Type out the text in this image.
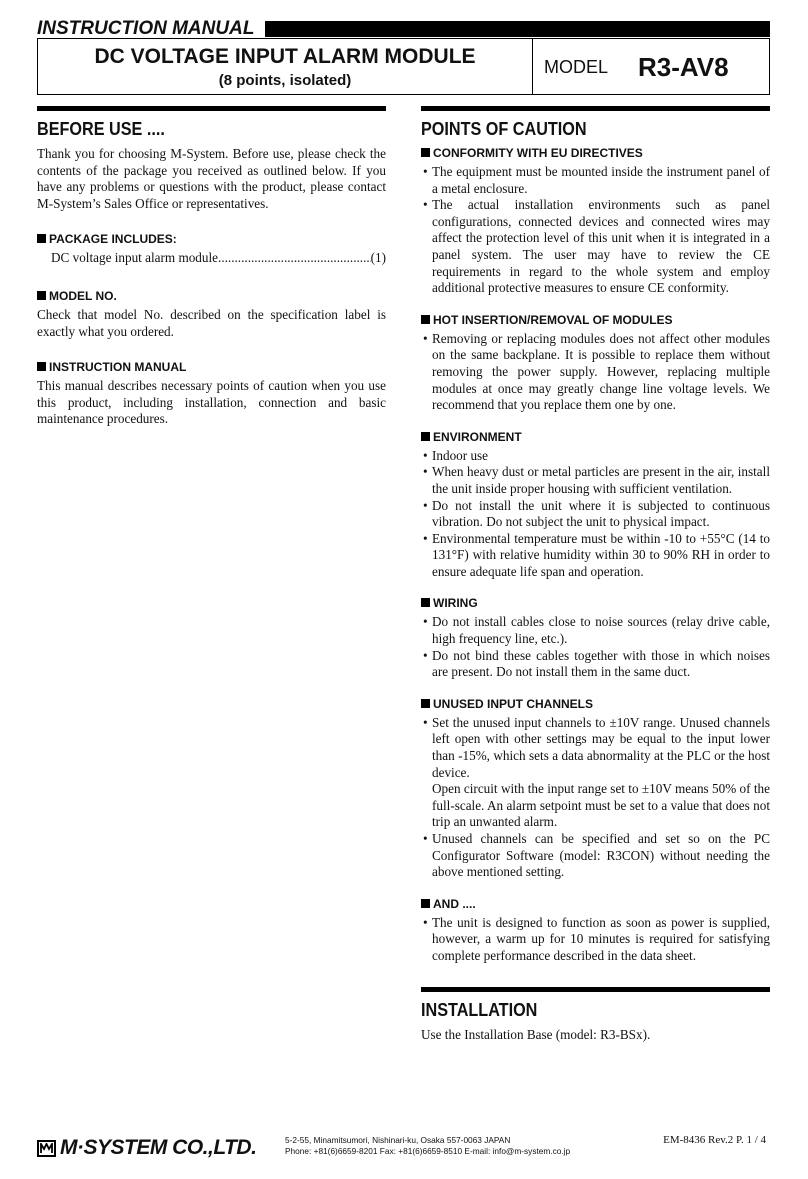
INSTRUCTION MANUAL
DC VOLTAGE INPUT ALARM MODULE
(8 points, isolated)
MODEL R3-AV8
BEFORE USE ....

Thank you for choosing M-System. Before use, please check the contents of the package you received as outlined below. If you have any problems or questions with the product, please contact M-System’s Sales Office or representatives.

PACKAGE INCLUDES:
DC voltage input alarm module
.....	(1)
MODEL NO.

Check that model No. described on the specification label is exactly what you ordered.

INSTRUCTION MANUAL

This manual describes necessary points of caution when you use this product, including installation, connection and basic maintenance procedures.

POINTS OF CAUTION
CONFORMITY WITH EU DIRECTIVES
• The equipment must be mounted inside the instrument panel of a metal enclosure.
• The actual installation environments such as panel configurations, connected devices and connected wires may affect the protection level of this unit when it is integrated in a panel system. The user may have to review the CE requirements in regard to the whole system and employ additional protective measures to ensure CE conformity.
HOT INSERTION/REMOVAL OF MODULES
• Removing or replacing modules does not affect other modules on the same backplane. It is possible to replace them without removing the power supply. However, replacing multiple modules at once may greatly change line voltage levels. We recommend that you replace them one by one.
ENVIRONMENT
• Indoor use
• When heavy dust or metal particles are present in the air, install the unit inside proper housing with sufficient ventilation.
• Do not install the unit where it is subjected to continuous vibration. Do not subject the unit to physical impact.
• Environmental temperature must be within -10 to +55°C (14 to 131°F) with relative humidity within 30 to 90% RH in order to ensure adequate life span and operation.
WIRING
• Do not install cables close to noise sources (relay drive cable, high frequency line, etc.).
• Do not bind these cables together with those in which noises are present. Do not install them in the same duct.
UNUSED INPUT CHANNELS
• Set the unused input channels to ±10V range. Unused channels left open with other settings may be equal to the input lower than -15%, which sets a data abnormality at the PLC or the host device.
Open circuit with the input range set to ±10V means 50% of the full-scale. An alarm setpoint must be set to a value that does not trip an unwanted alarm.
• Unused channels can be specified and set so on the PC Configurator Software (model: R3CON) without needing the above mentioned setting.
AND ....
• The unit is designed to function as soon as power is supplied, however, a warm up for 10 minutes is required for satisfying complete performance described in the data sheet.
INSTALLATION

Use the Installation Base (model: R3-BSx).

M·SYSTEM CO.,LTD.	5-2-55, Minamitsumori, Nishinari-ku, Osaka 557-0063 JAPAN
Phone: +81(6)6659-8201 Fax: +81(6)6659-8510 E-mail: info@m-system.co.jp
EM-8436 Rev.2 P. 1 / 4
